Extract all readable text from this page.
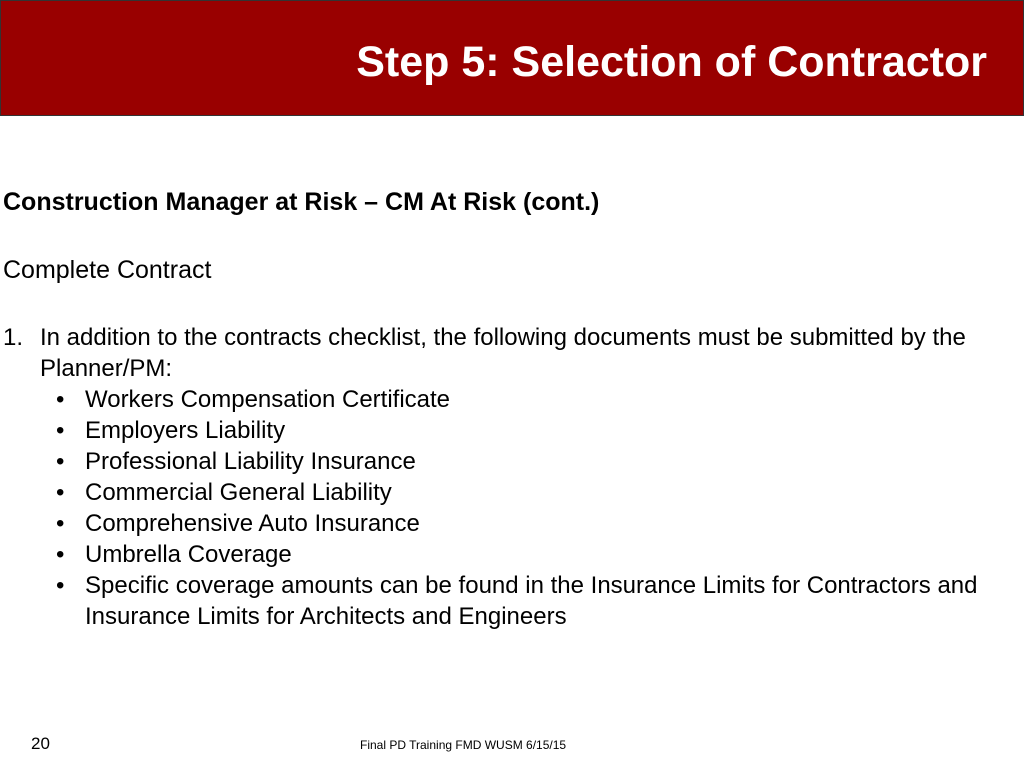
Step 5: Selection of Contractor
Construction Manager at Risk – CM At Risk (cont.)
Complete Contract
1. In addition to the contracts checklist, the following documents must be submitted by the Planner/PM:
• Workers Compensation Certificate
• Employers Liability
• Professional Liability Insurance
• Commercial General Liability
• Comprehensive Auto Insurance
• Umbrella Coverage
• Specific coverage amounts can be found in the Insurance Limits for Contractors and Insurance Limits for Architects and Engineers
20	Final PD Training FMD WUSM 6/15/15
